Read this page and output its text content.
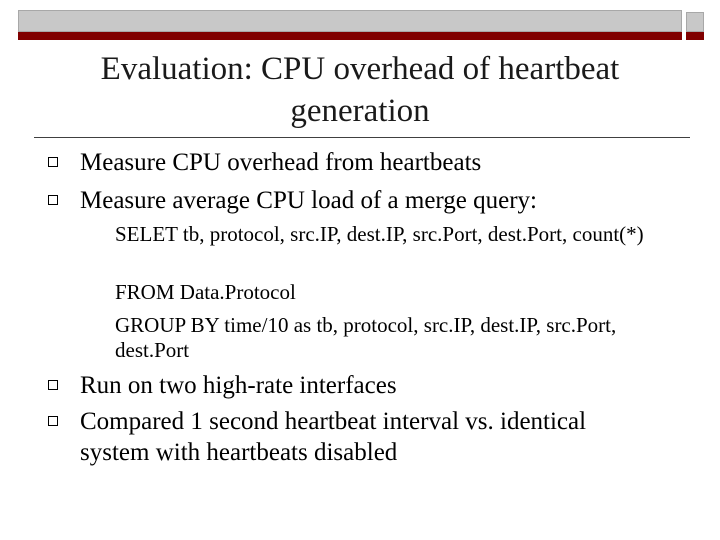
Evaluation: CPU overhead of heartbeat generation
Measure CPU overhead from heartbeats
Measure average CPU load of a merge query:
SELET tb, protocol, src.IP, dest.IP, src.Port, dest.Port, count(*)
FROM Data.Protocol
GROUP BY time/10 as tb, protocol, src.IP, dest.IP, src.Port, dest.Port
Run on two high-rate interfaces
Compared 1 second heartbeat interval vs. identical system with heartbeats disabled
